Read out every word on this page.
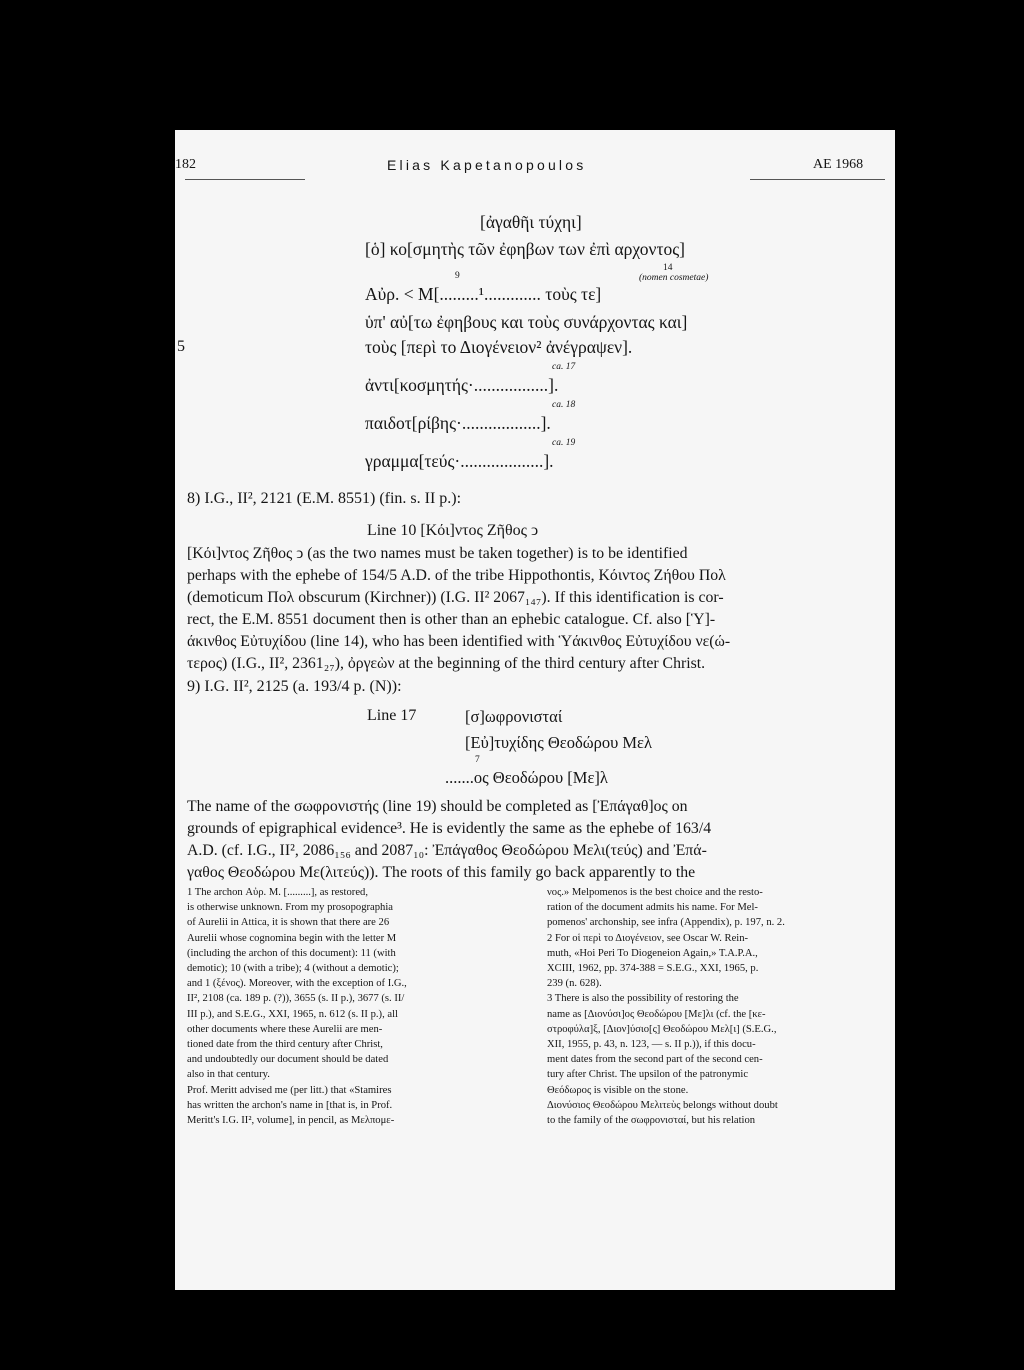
182	Elias Kapetanopoulos	ΑΕ 1968
[ἀγαθῆι τύχηι]
[ὁ] κο[σμητὴς τῶν ἐφηβων των ἐπὶ αρχοντος]
14
9	(nomen cosmetae)
Αὐρ. < Μ[.........¹............. τοὺς τε]
ὑπ' αὐ[τω ἐφηβους και τοὺς συνάρχοντας και]
5	τοὺς [περὶ το Διογένειον² ἀνέγραψεν].
ca. 17
ἀντι[κοσμητής·.................].
ca. 18
παιδοτ[ρίβης·..................].
ca. 19
γραμμα[τεύς·...................].
8) I.G., II², 2121 (E.M. 8551) (fin. s. II p.):
Line 10 [Κόι]ντος Ζῆθος ↄ
[Κόι]ντος Ζῆθος ↄ (as the two names must be taken together) is to be identified
perhaps with the ephebe of 154/5 A.D. of the tribe Hippothontis, Κόιντος Ζήθου Πολ
(demoticum Πολ obscurum (Kirchner)) (I.G. II² 2067₁₄₇). If this identification is cor-
rect, the E.M. 8551 document then is other than an ephebic catalogue. Cf. also [Ὑ]-
άκινθος Εὐτυχίδου (line 14), who has been identified with Ὑάκινθος Εὐτυχίδου νε(ώ-
τερος) (I.G., II², 2361₂₇), ὀργεὼν at the beginning of the third century after Christ.
9) I.G. II², 2125 (a. 193/4 p. (N)):
Line 17	[σ]ωφρονισταί
[Εὐ]τυχίδης Θεοδώρου Μελ
7
.......ος Θεοδώρου [Με]λ
The name of the σωφρονιστής (line 19) should be completed as [Ἐπάγαθ]ος on
grounds of epigraphical evidence³. He is evidently the same as the ephebe of 163/4
A.D. (cf. I.G., II², 2086₁₅₆ and 2087₁₀: Ἐπάγαθος Θεοδώρου Μελι(τεύς) and Ἐπά-
γαθος Θεοδώρου Με(λιτεύς)). The roots of this family go back apparently to the
1 The archon Αὐρ. Μ. [.........], as restored,
is otherwise unknown. From my prosopographia
of Aurelii in Attica, it is shown that there are 26
Aurelii whose cognomina begin with the letter M
(including the archon of this document): 11 (with
demotic); 10 (with a tribe); 4 (without a demotic);
and 1 (ξένος). Moreover, with the exception of I.G.,
II², 2108 (ca. 189 p. (?)), 3655 (s. II p.), 3677 (s. II/
III p.), and S.E.G., XXI, 1965, n. 612 (s. II p.), all
other documents where these Aurelii are men-
tioned date from the third century after Christ,
and undoubtedly our document should be dated
also in that century.
Prof. Meritt advised me (per litt.) that «Stamires
has written the archon's name in [that is, in Prof.
Meritt's I.G. II², volume], in pencil, as Μελπομε-
νος.» Melpomenos is the best choice and the resto-
ration of the document admits his name. For Mel-
pomenos' archonship, see infra (Appendix), p. 197, n. 2.
2 For οἱ περὶ το Διογένειον, see Oscar W. Rein-
muth, «Hoi Peri To Diogeneion Again,» T.A.P.A.,
XCIII, 1962, pp. 374-388 = S.E.G., XXI, 1965, p.
239 (n. 628).
3 There is also the possibility of restoring the
name as [Διονύσι]ος Θεοδώρου [Με]λι (cf. the [κε-
στροφύλα]ξ, [Διον]ύσιο[ς] Θεοδώρου Μελ[ι] (S.E.G.,
XII, 1955, p. 43, n. 123, — s. II p.)), if this docu-
ment dates from the second part of the second cen-
tury after Christ. The upsilon of the patronymic
Θεόδωρος is visible on the stone.
Διονύσιος Θεοδώρου Μελιτεὺς belongs without doubt
to the family of the σωφρονισταί, but his relation
